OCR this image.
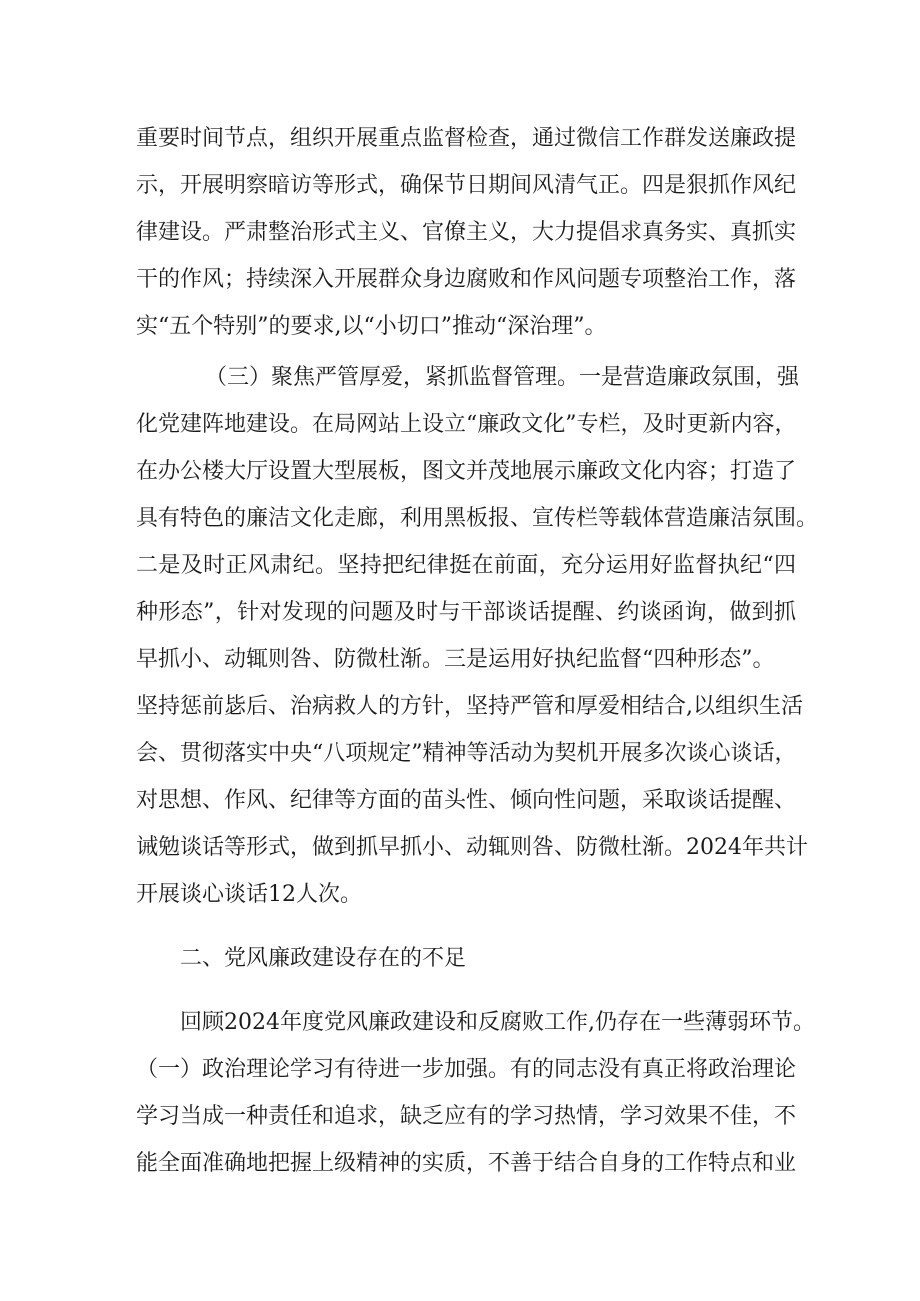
重要时间节点，组织开展重点监督检查，通过微信工作群发送廉政提

示，开展明察暗访等形式，确保节日期间风清气正。四是狠抓作风纪

律建设。严肃整治形式主义、官僚主义，大力提倡求真务实、真抓实

干的作风；持续深入开展群众身边腐败和作风问题专项整治工作，落

实“五个特别”的要求,以“小切口”推动“深治理”。

（三）聚焦严管厚爱，紧抓监督管理。一是营造廉政氛围，强

化党建阵地建设。在局网站上设立“廉政文化”专栏，及时更新内容，

在办公楼大厅设置大型展板，图文并茂地展示廉政文化内容；打造了

具有特色的廉洁文化走廊，利用黑板报、宣传栏等载体营造廉洁氛围。

二是及时正风肃纪。坚持把纪律挺在前面，充分运用好监督执纪“四

种形态”，针对发现的问题及时与干部谈话提醒、约谈函询，做到抓

早抓小、动辄则咎、防微杜渐。三是运用好执纪监督“四种形态”。

坚持惩前毖后、治病救人的方针，坚持严管和厚爱相结合,以组织生活

会、贯彻落实中央“八项规定”精神等活动为契机开展多次谈心谈话，

对思想、作风、纪律等方面的苗头性、倾向性问题，采取谈话提醒、

诫勉谈话等形式，做到抓早抓小、动辄则咎、防微杜渐。2024年共计

开展谈心谈话12人次。

二、党风廉政建设存在的不足

回顾2024年度党风廉政建设和反腐败工作,仍存在一些薄弱环节。

（一）政治理论学习有待进一步加强。有的同志没有真正将政治理论

学习当成一种责任和追求，缺乏应有的学习热情，学习效果不佳，不

能全面准确地把握上级精神的实质，不善于结合自身的工作特点和业
